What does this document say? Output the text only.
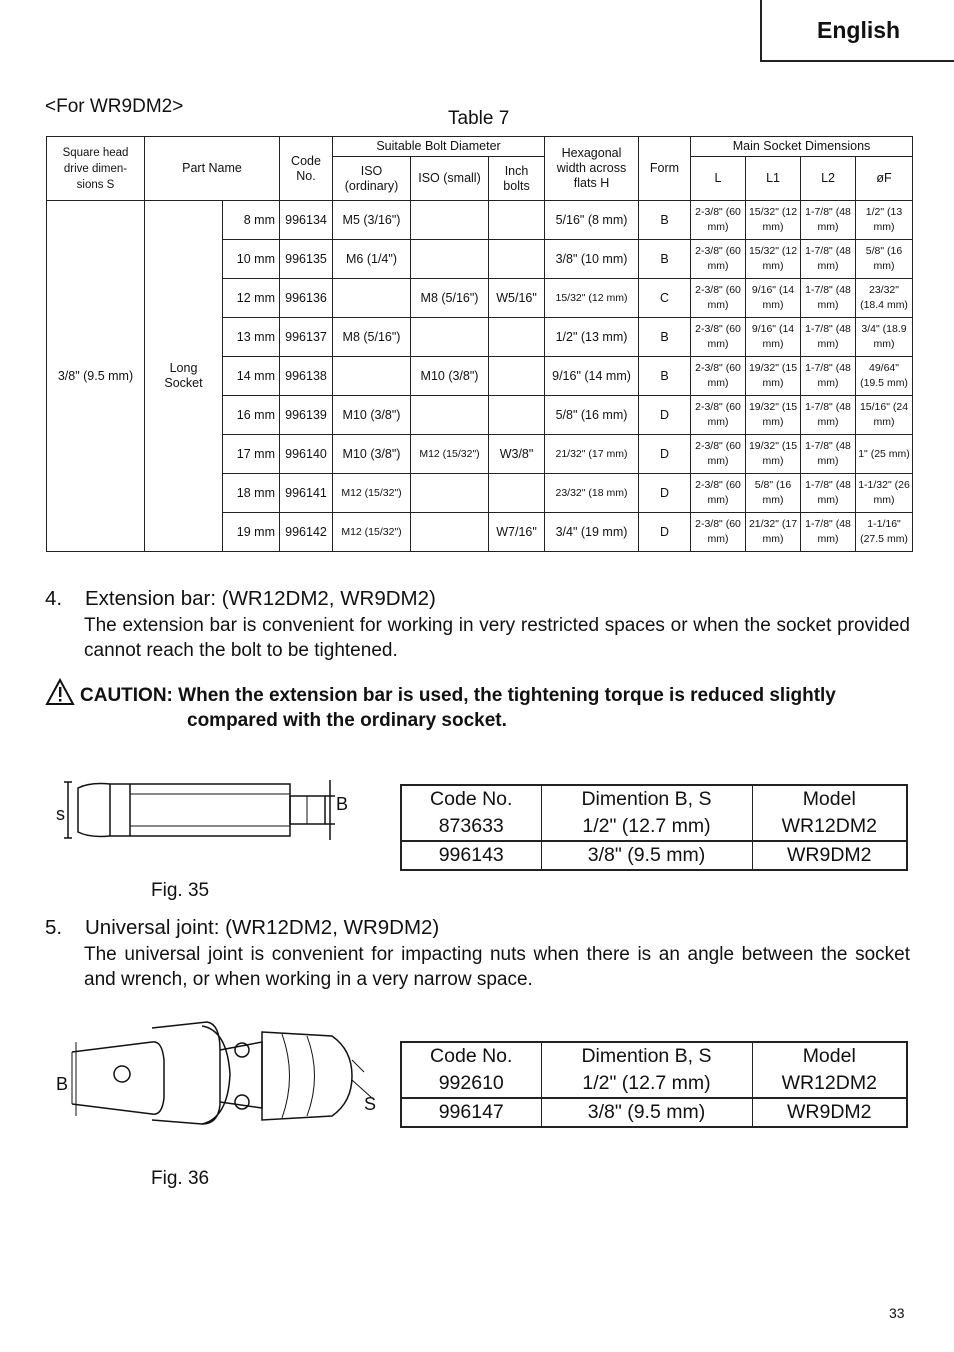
English
<For WR9DM2>
Table 7
Square head drive dimen- sions S	Part Name		Code No.	Suitable Bolt Diameter			Hexagonal width across flats H	Form	Main Socket Dimensions			
				ISO (ordinary)	ISO (small)	Inch bolts			L	L1	L2	øF
3/8" (9.5 mm)	Long Socket	8 mm	996134	M5 (3/16")			5/16" (8 mm)	B	2-3/8" (60 mm)	15/32" (12 mm)	1-7/8" (48 mm)	1/2" (13 mm)
		10 mm	996135	M6 (1/4")			3/8" (10 mm)	B	2-3/8" (60 mm)	15/32" (12 mm)	1-7/8" (48 mm)	5/8" (16 mm)
		12 mm	996136		M8 (5/16")	W5/16"	15/32" (12 mm)	C	2-3/8" (60 mm)	9/16" (14 mm)	1-7/8" (48 mm)	23/32" (18.4 mm)
		13 mm	996137	M8 (5/16")			1/2" (13 mm)	B	2-3/8" (60 mm)	9/16" (14 mm)	1-7/8" (48 mm)	3/4" (18.9 mm)
		14 mm	996138		M10 (3/8")		9/16" (14 mm)	B	2-3/8" (60 mm)	19/32" (15 mm)	1-7/8" (48 mm)	49/64" (19.5 mm)
		16 mm	996139	M10 (3/8")			5/8" (16 mm)	D	2-3/8" (60 mm)	19/32" (15 mm)	1-7/8" (48 mm)	15/16" (24 mm)
		17 mm	996140	M10 (3/8")	M12 (15/32")	W3/8"	21/32" (17 mm)	D	2-3/8" (60 mm)	19/32" (15 mm)	1-7/8" (48 mm)	1" (25 mm)
		18 mm	996141	M12 (15/32")			23/32" (18 mm)	D	2-3/8" (60 mm)	5/8" (16 mm)	1-7/8" (48 mm)	1-1/32" (26 mm)
		19 mm	996142	M12 (15/32")		W7/16"	3/4" (19 mm)	D	2-3/8" (60 mm)	21/32" (17 mm)	1-7/8" (48 mm)	1-1/16" (27.5 mm)
4. Extension bar: (WR12DM2, WR9DM2)
The extension bar is convenient for working in very restricted spaces or when the socket provided cannot reach the bolt to be tightened.
CAUTION: When the extension bar is used, the tightening torque is reduced slightly
compared with the ordinary socket.
s	B	Code No.	Dimention B, S	Model
873633	1/2" (12.7 mm)	WR12DM2
996143	3/8" (9.5 mm)	WR9DM2
Fig. 35
5. Universal joint: (WR12DM2, WR9DM2)
The universal joint is convenient for impacting nuts when there is an angle between the socket and wrench, or when working in a very narrow space.
B
S
Code No.	Dimention B, S	Model
992610	1/2" (12.7 mm)	WR12DM2
996147	3/8" (9.5 mm)	WR9DM2
Fig. 36
33
